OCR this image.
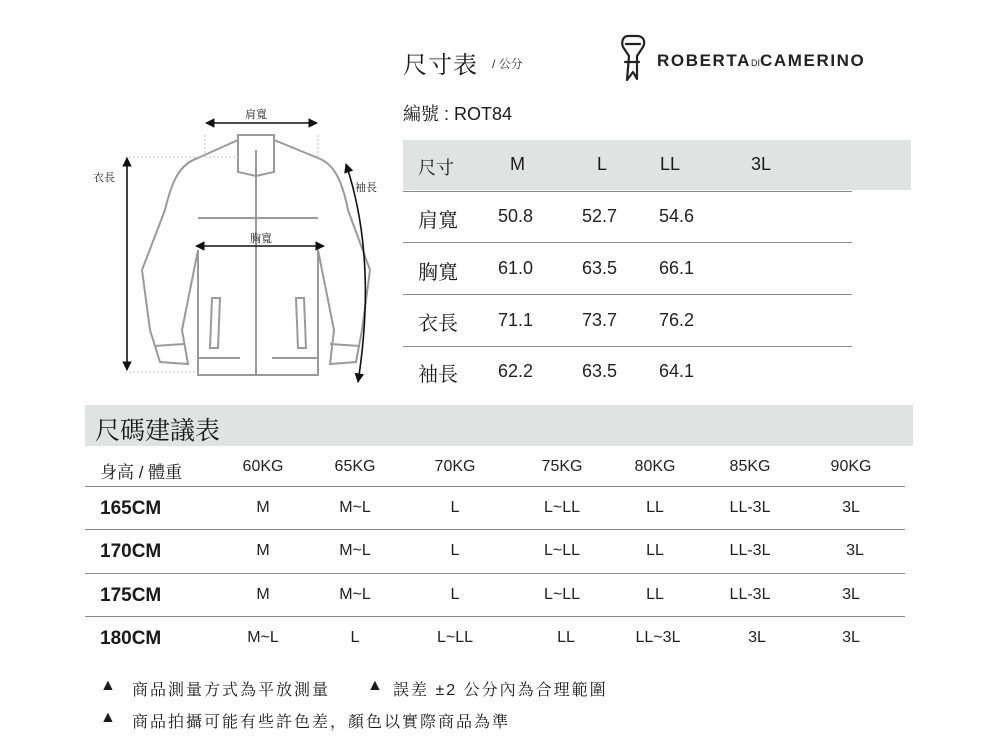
尺寸表 / 公分
編號 : ROT84
ROBERTADICAMERINO
肩寬
胸寬
衣長
袖長
尺寸	M	L	LL	3L
肩寬 50.8	52.7 54.6
胸寬 61.0	63.5 66.1
衣長 71.1	73.7 76.2
袖長 62.2	63.5 64.1
尺碼建議表
身高 / 體重	60KG	65KG	70KG	75KG	80KG	85KG	90KG
165CM	M	M~L	L	L~LL	LL	LL-3L	3L
170CM	M	M~L	L	L~LL	LL	LL-3L	3L
175CM	M	M~L	L	L~LL	LL	LL-3L	3L
180CM	M~L	L	L~LL	LL	LL~3L	3L	3L
▲ 商品測量方式為平放測量 ▲ 誤差 ±2 公分內為合理範圍
▲ 商品拍攝可能有些許色差，顏色以實際商品為準
